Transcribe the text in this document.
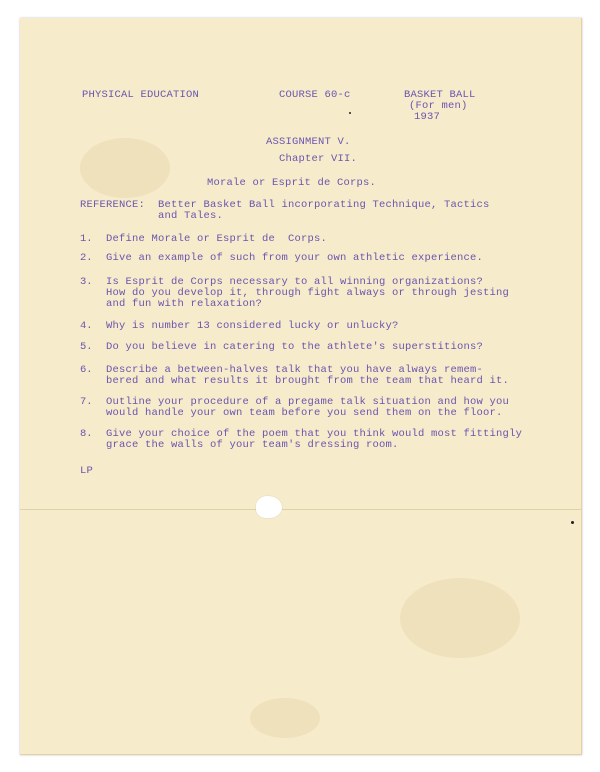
PHYSICAL EDUCATION	COURSE 60-c	BASKET BALL
(For men)
1937
ASSIGNMENT V.
Chapter VII.
Morale or Esprit de Corps.
REFERENCE: Better Basket Ball incorporating Technique, Tactics
and Tales.
1. Define Morale or Esprit de  Corps.
2. Give an example of such from your own athletic experience.
3. Is Esprit de Corps necessary to all winning organizations?
How do you develop it, through fight always or through jesting
and fun with relaxation?
4. Why is number 13 considered lucky or unlucky?
5. Do you believe in catering to the athlete's superstitions?
6. Describe a between-halves talk that you have always remem-
bered and what results it brought from the team that heard it.
7. Outline your procedure of a pregame talk situation and how you
would handle your own team before you send them on the floor.
8. Give your choice of the poem that you think would most fittingly
grace the walls of your team's dressing room.
LP
